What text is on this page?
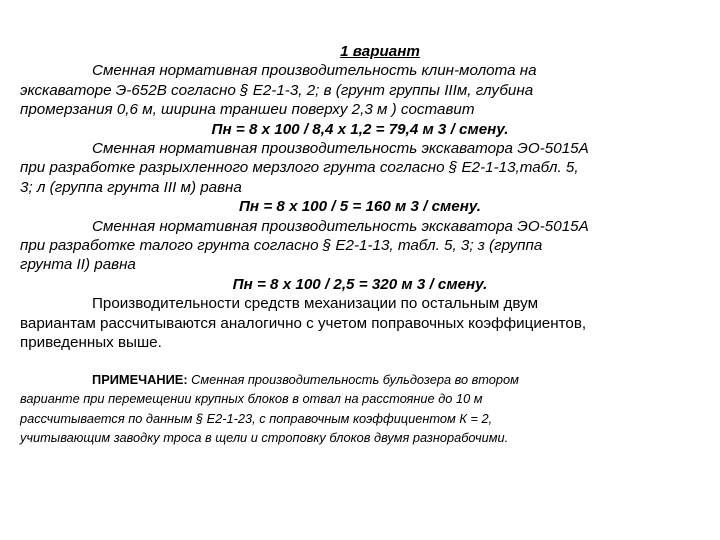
1 вариант
Сменная нормативная производительность клин-молота на
экскаваторе Э-652В согласно § Е2-1-3, 2; в (грунт группы IIIм, глубина
промерзания 0,6 м, ширина траншеи поверху 2,3 м ) составит
Пн = 8 х 100 / 8,4 х 1,2 = 79,4 м 3 / смену.
Сменная нормативная производительность экскаватора ЭО-5015А
при разработке разрыхленного мерзлого грунта согласно § Е2-1-13,табл. 5,
3; л (группа грунта III м) равна
Пн = 8 х 100 / 5 = 160 м 3 / смену.
Сменная нормативная производительность экскаватора ЭО-5015А
при разработке талого грунта согласно § Е2-1-13, табл. 5, 3; з (группа
грунта II) равна
Пн = 8 х 100 / 2,5 = 320 м 3 / смену.
Производительности средств механизации по остальным двум
вариантам рассчитываются аналогично с учетом поправочных коэффициентов,
приведенных выше.
ПРИМЕЧАНИЕ: Сменная производительность бульдозера во втором
варианте при перемещении крупных блоков в отвал на расстояние до 10 м
рассчитывается по данным § Е2-1-23, с поправочным коэффициентом К = 2,
учитывающим заводку троса в щели и строповку блоков двумя разнорабочими.
